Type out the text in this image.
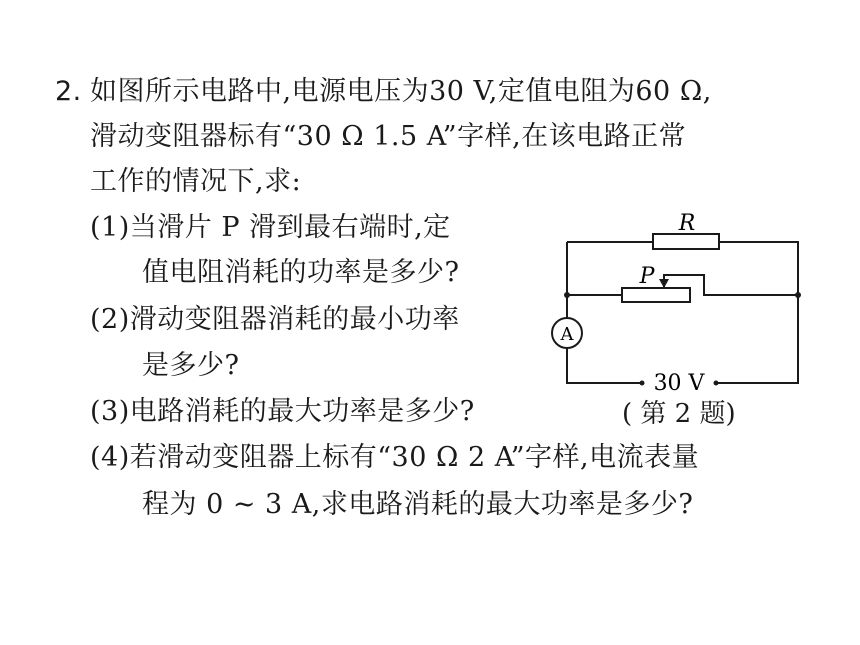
2. 如图所示电路中,电源电压为30 V,定值电阻为60 Ω,
滑动变阻器标有“30 Ω 1.5 A”字样,在该电路正常
工作的情况下,求:
(1)当滑片 P 滑到最右端时,定
值电阻消耗的功率是多少?
(2)滑动变阻器消耗的最小功率
是多少?
(3)电路消耗的最大功率是多少?
(4)若滑动变阻器上标有“30 Ω 2 A”字样,电流表量
程为 0 ~ 3 A,求电路消耗的最大功率是多少?
R
P
A
30 V
( 第 2 题)
